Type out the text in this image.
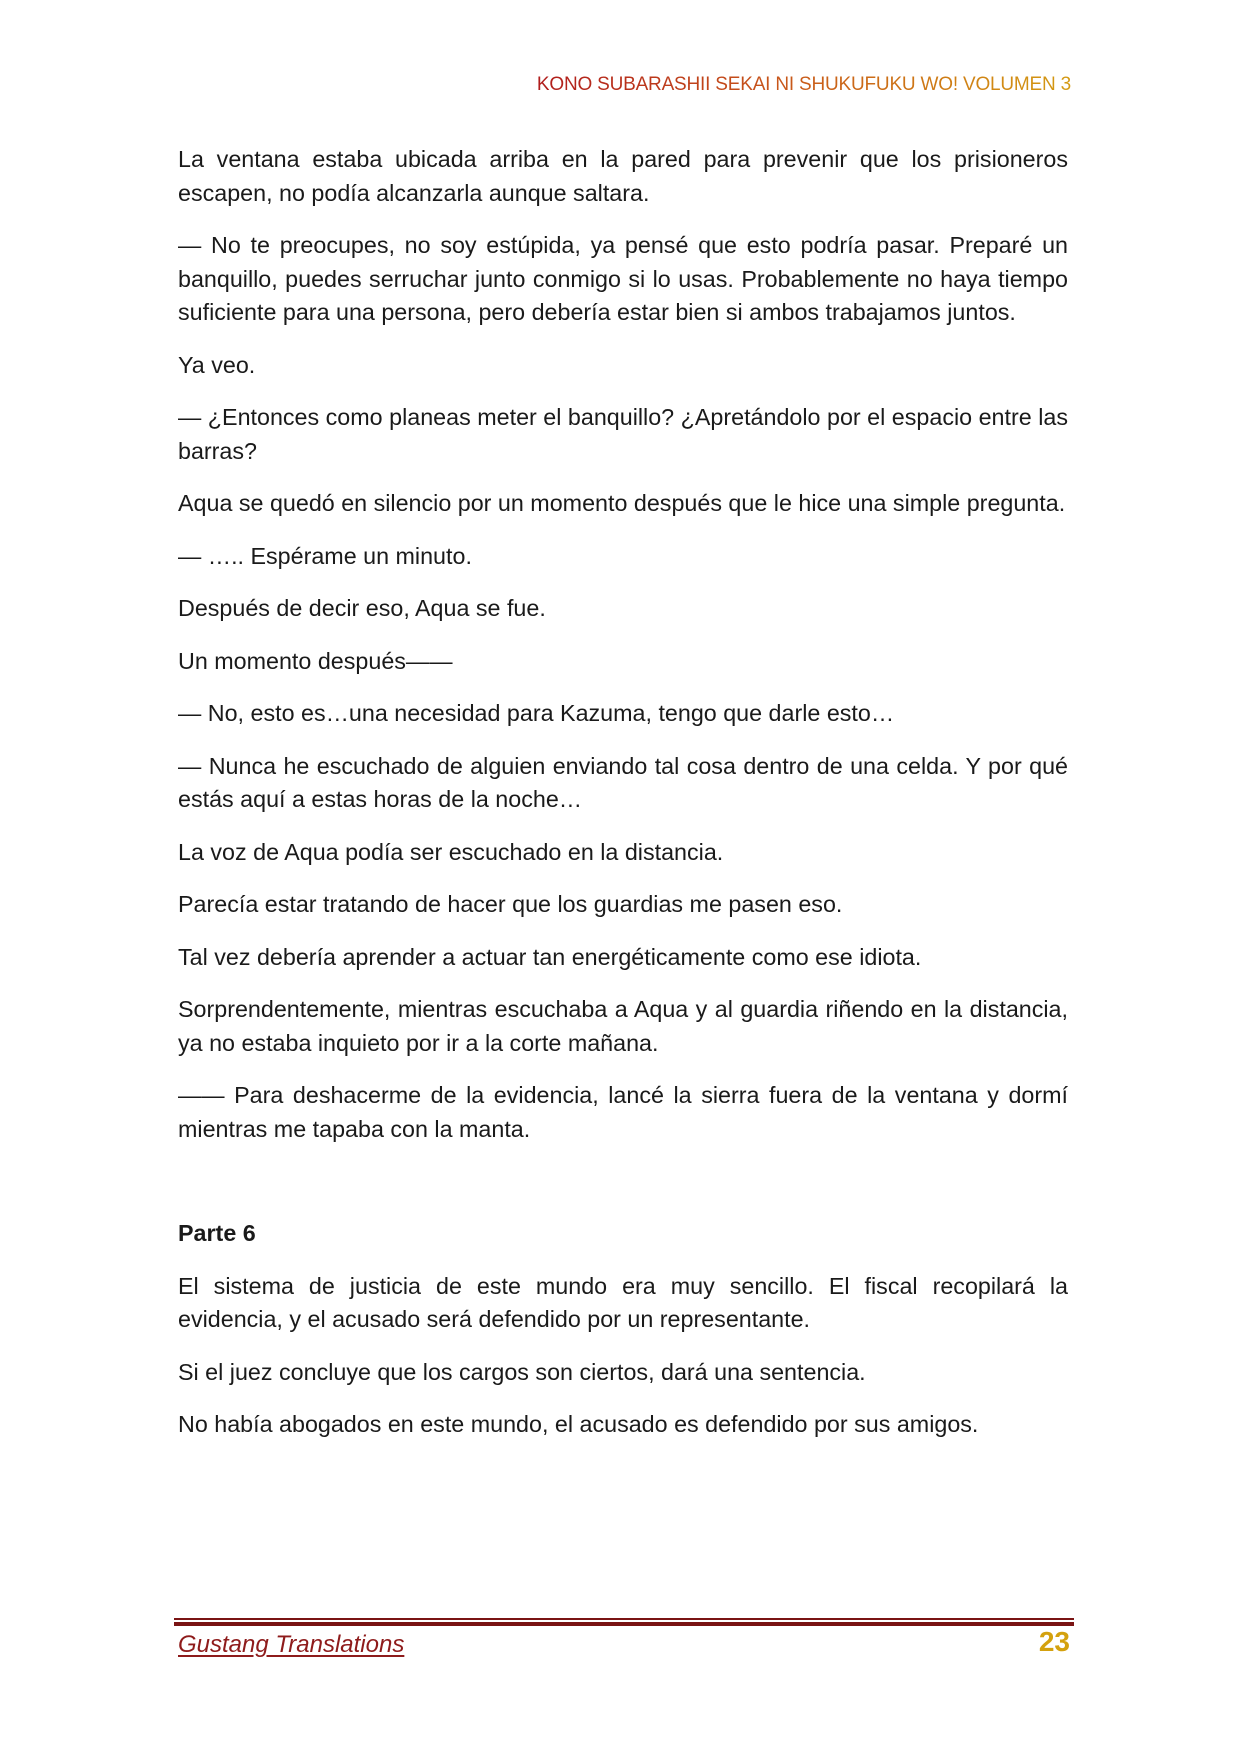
KONO SUBARASHII SEKAI NI SHUKUFUKU WO! VOLUMEN 3

La ventana estaba ubicada arriba en la pared para prevenir que los prisioneros escapen, no podía alcanzarla aunque saltara.

— No te preocupes, no soy estúpida, ya pensé que esto podría pasar. Preparé un banquillo, puedes serruchar junto conmigo si lo usas. Probablemente no haya tiempo suficiente para una persona, pero debería estar bien si ambos trabajamos juntos.

Ya veo.

— ¿Entonces como planeas meter el banquillo? ¿Apretándolo por el espacio entre las barras?

Aqua se quedó en silencio por un momento después que le hice una simple pregunta.

— ….. Espérame un minuto.

Después de decir eso, Aqua se fue.

Un momento después——

— No, esto es…una necesidad para Kazuma, tengo que darle esto…

— Nunca he escuchado de alguien enviando tal cosa dentro de una celda. Y por qué estás aquí a estas horas de la noche…

La voz de Aqua podía ser escuchado en la distancia.

Parecía estar tratando de hacer que los guardias me pasen eso.

Tal vez debería aprender a actuar tan energéticamente como ese idiota.

Sorprendentemente, mientras escuchaba a Aqua y al guardia riñendo en la distancia, ya no estaba inquieto por ir a la corte mañana.

—— Para deshacerme de la evidencia, lancé la sierra fuera de la ventana y dormí mientras me tapaba con la manta.

Parte 6

El sistema de justicia de este mundo era muy sencillo. El fiscal recopilará la evidencia, y el acusado será defendido por un representante.

Si el juez concluye que los cargos son ciertos, dará una sentencia.

No había abogados en este mundo, el acusado es defendido por sus amigos.

Gustang Translations	23
